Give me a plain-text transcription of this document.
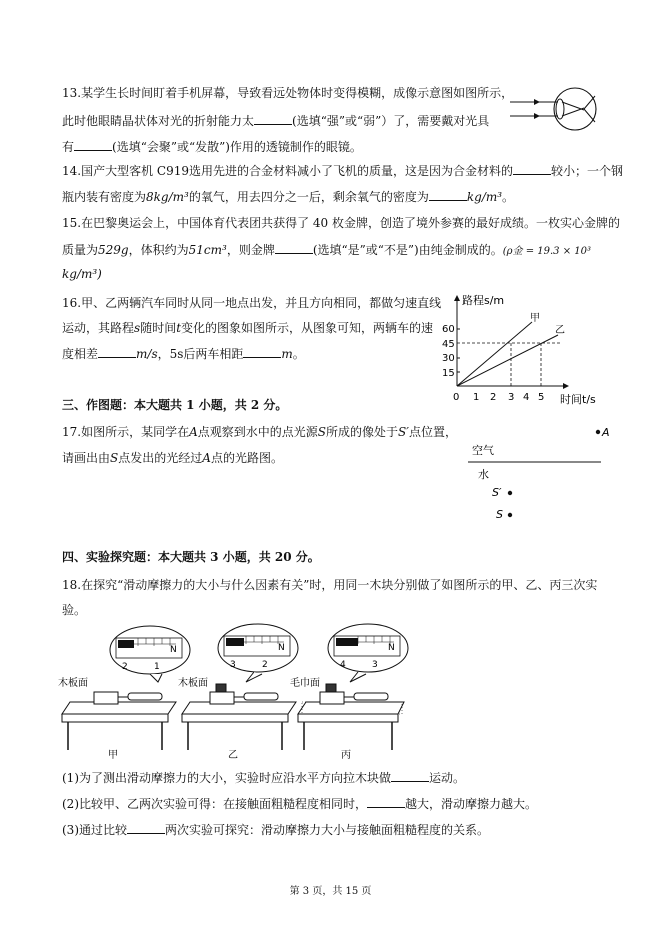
13.某学生长时间盯着手机屏幕，导致看远处物体时变得模糊，成像示意图如图所示，
此时他眼睛晶状体对光的折射能力太	(选填“强”或“弱”）了，需要戴对光具
有	(选填“会聚”或“发散”)作用的透镜制作的眼镜。
14.国产大型客机 C919选用先进的合金材料减小了飞机的质量，这是因为合金材料的	较小；一个钢
瓶内装有密度为8kg/m³的氧气，用去四分之一后，剩余氧气的密度为	kg/m³。
15.在巴黎奥运会上，中国体育代表团共获得了 40 枚金牌，创造了境外参赛的最好成绩。一枚实心金牌的
质量为529g，体积约为51cm³，则金牌	(选填“是”或“不是”)由纯金制成的。(ρ金 = 19.3 × 10³
kg/m³)
16.甲、乙两辆汽车同时从同一地点出发，并且方向相同，都做匀速直线
运动，其路程s随时间t变化的图象如图所示，从图象可知，两辆车的速
度相差	m/s，5s后两车相距	m。
路程s/m
时间t/s
60
45
30
15
0 1 2 3 4 5
甲
乙
三、作图题：本大题共 1 小题，共 2 分。
17.如图所示，某同学在A点观察到水中的点光源S所成的像处于S′点位置，
请画出由S点发出的光经过A点的光路图。
A
空气
水
S′
S
四、实验探究题：本大题共 3 小题，共 20 分。
18.在探究“滑动摩擦力的大小与什么因素有关”时，用同一木块分别做了如图所示的甲、乙、丙三次实
验。
2	1
N
木板面
甲
3	2
N
木板面
乙
4	3
N
毛巾面
丙
(1)为了测出滑动摩擦力的大小，实验时应沿水平方向拉木块做	运动。
(2)比较甲、乙两次实验可得：在接触面粗糙程度相同时，	越大，滑动摩擦力越大。
(3)通过比较	两次实验可探究：滑动摩擦力大小与接触面粗糙程度的关系。
第 3 页，共 15 页
